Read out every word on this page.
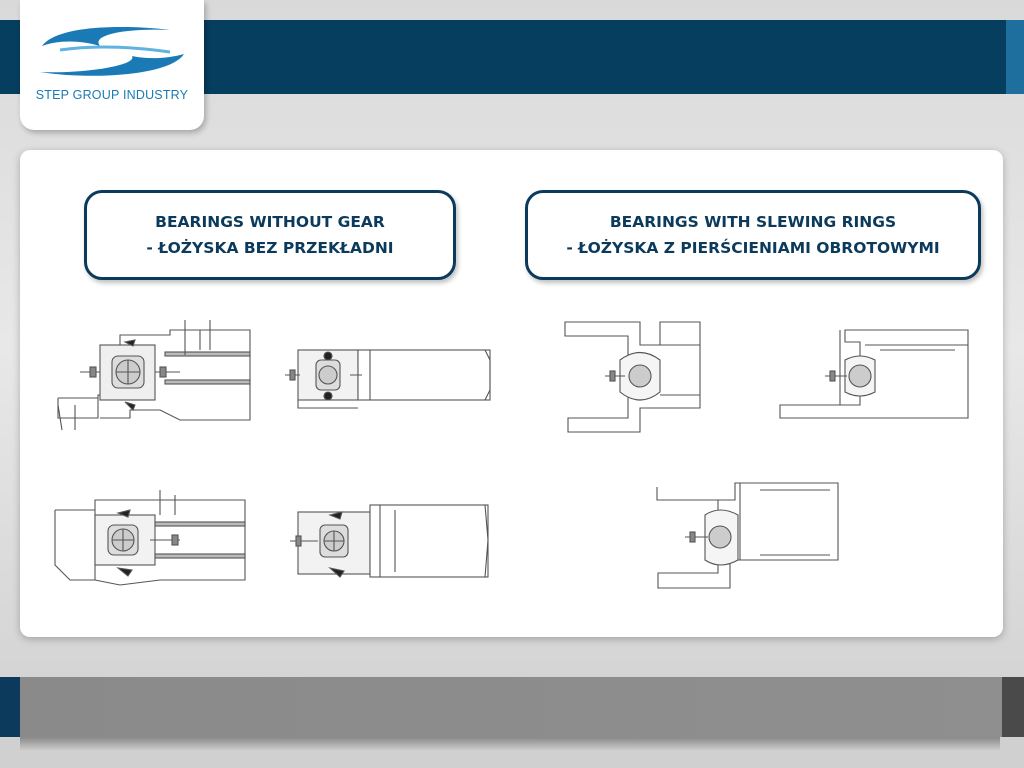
STEP GROUP INDUSTRY
BEARINGS WITHOUT GEAR
- ŁOŻYSKA BEZ PRZEKŁADNI
BEARINGS WITH SLEWING RINGS
- ŁOŻYSKA Z PIERŚCIENIAMI OBROTOWYMI
